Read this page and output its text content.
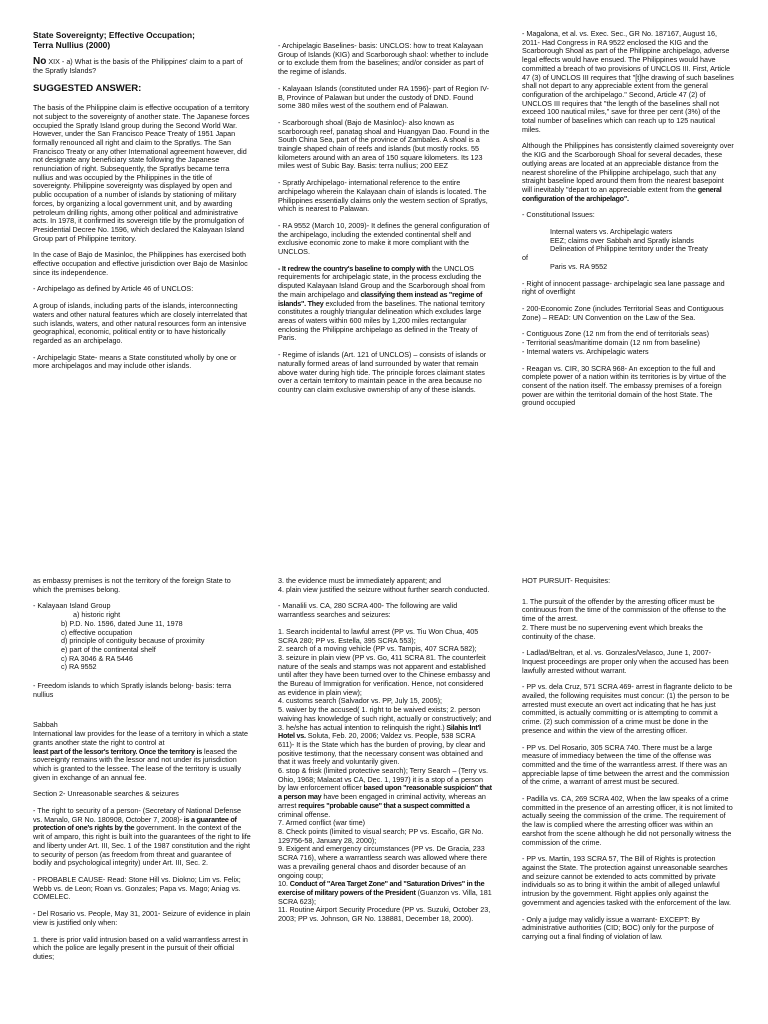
State Sovereignty; Effective Occupation;
Terra Nullius (2000)

No XIX - a) What is the basis of the Philippines' claim to a part of the Spratly Islands?

SUGGESTED ANSWER:

The basis of the Philippine claim is effective occupation of a territory not subject to the sovereignty of another state. The Japanese forces occupied the Spratly Island group during the Second World War. However, under the San Francisco Peace Treaty of 1951 Japan formally renounced all right and claim to the Spratlys. The San Francisco Treaty or any other International agreement however, did not designate any beneficiary state following the Japanese renunciation of right. Subsequently, the Spratlys became terra nullius and was occupied by the Philippines in the title of sovereignty. Philippine sovereignty was displayed by open and public occupation of a number of islands by stationing of military forces, by organizing a local government unit, and by awarding petroleum drilling rights, among other political and administrative acts. In 1978, it confirmed its sovereign title by the promulgation of Presidential Decree No. 1596, which declared the Kalayaan Island Group part of Philippine territory.

In the case of Bajo de Masinloc, the Philippines has exercised both effective occupation and effective jurisdiction over Bajo de Masinloc since its independence.

- Archipelago as defined by Article 46 of UNCLOS:

A group of islands, including parts of the islands, interconnecting waters and other natural features which are closely interrelated that such islands, waters, and other natural resources form an intensive geographical, economic, political entity or to have historically regarded as an archipelago.

- Archipelagic State- means a State constituted wholly by one or more archipelagos and may include other islands.

- Archipelagic Baselines- basis: UNCLOS: how to treat Kalayaan Group of Islands (KIG) and Scarborough shaol: whether to include or to exclude them from the baselines; and/or consider as part of the regime of islands.

- Kalayaan Islands (constituted under RA 1596)- part of Region IV-B, Province of Palawan but under the custody of DND. Found some 380 miles west of the southern end of Palawan.

- Scarborough shoal (Bajo de Masinloc)- also known as scarborough reef, panatag shoal and Huangyan Dao. Found in the South China Sea, part of the province of Zambales. A shoal is a traingle shaped chain of reefs and islands (but mostly rocks. 55 kilometers around with an area of 150 square kilometers. Its 123 miles west of Subic Bay. Basis: terra nullius; 200 EEZ

- Spratly Archipelago- international reference to the entire archipelago wherein the Kalayaan chain of islands is located. The Philippines essentially claims only the western section of Spratlys, which is nearest to Palawan.

- RA 9552 (March 10, 2009)- It defines the general configuration of the archipelago, including the extended continental shelf and exclusive economic zone to make it more compliant with the UNCLOS.

- It redrew the country's baseline to comply with the UNCLOS requirements for archipelagic state, in the process excluding the disputed Kalayaan Island Group and the Scarborough shoal from the main archipelago and classifying them instead as "regime of islands". They excluded from the baselines. The national territory constitutes a roughly triangular delineation which excludes large areas of waters within 600 miles by 1,200 miles rectangular enclosing the Philippine archipelago as defined in the Treaty of Paris.

- Regime of islands (Art. 121 of UNCLOS) – consists of islands or naturally formed areas of land surrounded by water that remain above water during high tide. The principle forces claimant states over a certain territory to maintain peace in the area because no country can claim exclusive ownership of any of these islands.

- Magalona, et al. vs. Exec. Sec., GR No. 187167, August 16, 2011- Had Congress in RA 9522 enclosed the KIG and the Scarborough Shoal as part of the Philippine archipelago, adverse legal effects would have ensued. The Philippines would have committed a breach of two provisions of UNCLOS III. First, Article 47 (3) of UNCLOS III requires that "[t]he drawing of such baselines shall not depart to any appreciable extent from the general configuration of the archipelago." Second, Article 47 (2) of UNCLOS III requires that "the length of the baselines shall not exceed 100 nautical miles," save for three per cent (3%) of the total number of baselines which can reach up to 125 nautical miles.

Although the Philippines has consistently claimed sovereignty over the KIG and the Scarborough Shoal for several decades, these outlying areas are located at an appreciable distance from the nearest shoreline of the Philippine archipelago, such that any straight baseline loped around them from the nearest basepoint will inevitably "depart to an appreciable extent from the general configuration of the archipelago".

- Constitutional Issues:

Internal waters vs. Archipelagic waters
EEZ; claims over Sabbah and Spratly islands
Delineation of Philippine territory under the Treaty
of
Paris vs. RA 9552

- Right of innocent passage- archipelagic sea lane passage and right of overflight

- 200-Economic Zone (includes Territorial Seas and Contiguous Zone) – READ: UN Convention on the Law of the Sea.

- Contiguous Zone (12 nm from the end of territorials seas)

- Territorial seas/maritime domain (12 nm from baseline)

- Internal waters vs. Archipelagic waters

- Reagan vs. CIR, 30 SCRA 968- An exception to the full and complete power of a nation within its territories is by virtue of the consent of the nation itself. The embassy premises of a foreign power are within the territorial domain of the host State. The ground occupied

as embassy premises is not the territory of the foreign State to which the premises belong.

- Kalayaan Island Group
a) historic right
b) P.D. No. 1596, dated June 11, 1978
c) effective occupation
d) principle of contiguity because of proximity
e) part of the continental shelf
c) RA 3046 & RA 5446
c) RA 9552

- Freedom islands to which Spratly islands belong- basis: terra nullius

Sabbah
International law provides for the lease of a territory in which a state grants another state the right to control at
least part of the lessor's territory. Once the territory is leased the sovereignty remains with the lessor and not under its jurisdiction which is granted to the lessee. The lease of the territory is usually given in exchange of an annual fee.

Section 2- Unreasonable searches & seizures

- The right to security of a person- (Secretary of National Defense vs. Manalo, GR No. 180908, October 7, 2008)- is a guarantee of protection of one's rights by the government. In the context of the writ of amparo, this right is built into the guarantees of the right to life and liberty under Art. III, Sec. 1 of the 1987 constitution and the right to security of person (as freedom from threat and guarantee of bodily and psychological integrity) under Art. III, Sec. 2.

- PROBABLE CAUSE- Read: Stone Hill vs. Diokno; Lim vs. Felix; Webb vs. de Leon; Roan vs. Gonzales; Papa vs. Mago; Aniag vs. COMELEC.

- Del Rosario vs. People, May 31, 2001- Seizure of evidence in plain view is justified only when:

1. there is prior valid intrusion based on a valid warrantless arrest in which the police are legally present in the pursuit of their official duties;

3. the evidence must be immediately apparent; and

4. plain view justified the seizure without further search conducted.

- Manalili vs. CA, 280 SCRA 400- The following are valid warrantless searches and seizures:

1. Search incidental to lawful arrest (PP vs. Tiu Won Chua, 405 SCRA 280; PP vs. Estella, 395 SCRA 553);
2. search of a moving vehicle (PP vs. Tampis, 407 SCRA 582);
3. seizure in plain view (PP vs. Go, 411 SCRA 81. The counterfeit nature of the seals and stamps was not apparent and established until after they have been turned over to the Chinese embassy and the Bureau of Immigration for verification. Hence, not considered as evidence in plain view);
4. customs search (Salvador vs. PP, July 15, 2005);
5. waiver by the accused( 1. right to be waived exists; 2. person waiving has knowledge of such right, actually or constructively; and 3. he/she has actual intention to relinquish the right.) Silahis Int'l Hotel vs. Soluta, Feb. 20, 2006; Valdez vs. People, 538 SCRA 611)- It is the State which has the burden of proving, by clear and positive testimony, that the necessary consent was obtained and that it was freely and voluntarily given.
6. stop & frisk (limited protective search); Terry Search – (Terry vs. Ohio, 1968; Malacat vs CA, Dec. 1, 1997) it is a stop of a person by law enforcement officer based upon "reasonable suspicion" that a person may have been engaged in criminal activity, whereas an arrest requires "probable cause" that a suspect committed a criminal offense.
7. Armed conflict (war time)
8. Check points (limited to visual search; PP vs. Escaño, GR No. 129756-58, January 28, 2000);
9. Exigent and emergency circumstances (PP vs. De Gracia, 233 SCRA 716), where a warrantless search was allowed where there was a prevailing general chaos and disorder because of an ongoing coup;
10. Conduct of "Area Target Zone" and "Saturation Drives" in the exercise of military powers of the President (Guanzon vs. Villa, 181 SCRA 623);
11. Routine Airport Security Procedure (PP vs. Suzuki, October 23, 2003; PP vs. Johnson, GR No. 138881, December 18, 2000).

HOT PURSUIT- Requisites:

1. The pursuit of the offender by the arresting officer must be continuous from the time of the commission of the offense to the time of the arrest.

2. There must be no supervening event which breaks the continuity of the chase.

- Ladlad/Beltran, et al. vs. Gonzales/Velasco, June 1, 2007- Inquest proceedings are proper only when the accused has been lawfully arrested without warrant.

- PP vs. dela Cruz, 571 SCRA 469- arrest in flagrante delicto to be availed, the following requisites must concur: (1) the person to be arrested must execute an overt act indicating that he has just committed, is actually committing or is attempting to commit a crime. (2) such commission of a crime must be done in the presence and within the view of the arresting officer.

- PP vs. Del Rosario, 305 SCRA 740. There must be a large measure of immediacy between the time of the offense was committed and the time of the warrantless arrest. If there was an appreciable lapse of time between the arrest and the commission of the crime, a warrant of arrest must be secured.

- Padilla vs. CA, 269 SCRA 402, When the law speaks of a crime committed in the presence of an arresting officer, it is not limited to actually seeing the commission of the crime. The requirement of the law is complied where the arresting officer was within an earshot from the scene although he did not personally witness the commission of the crime.

- PP vs. Martin, 193 SCRA 57, The Bill of Rights is protection against the State. The protection against unreasonable searches and seizure cannot be extended to acts committed by private individuals so as to bring it within the ambit of alleged unlawful intrusion by the government. Right applies only against the government and agencies tasked with the enforcement of the law.

- Only a judge may validly issue a warrant- EXCEPT: By administrative authorities (CID; BOC) only for the purpose of carrying out a final finding of violation of law.
